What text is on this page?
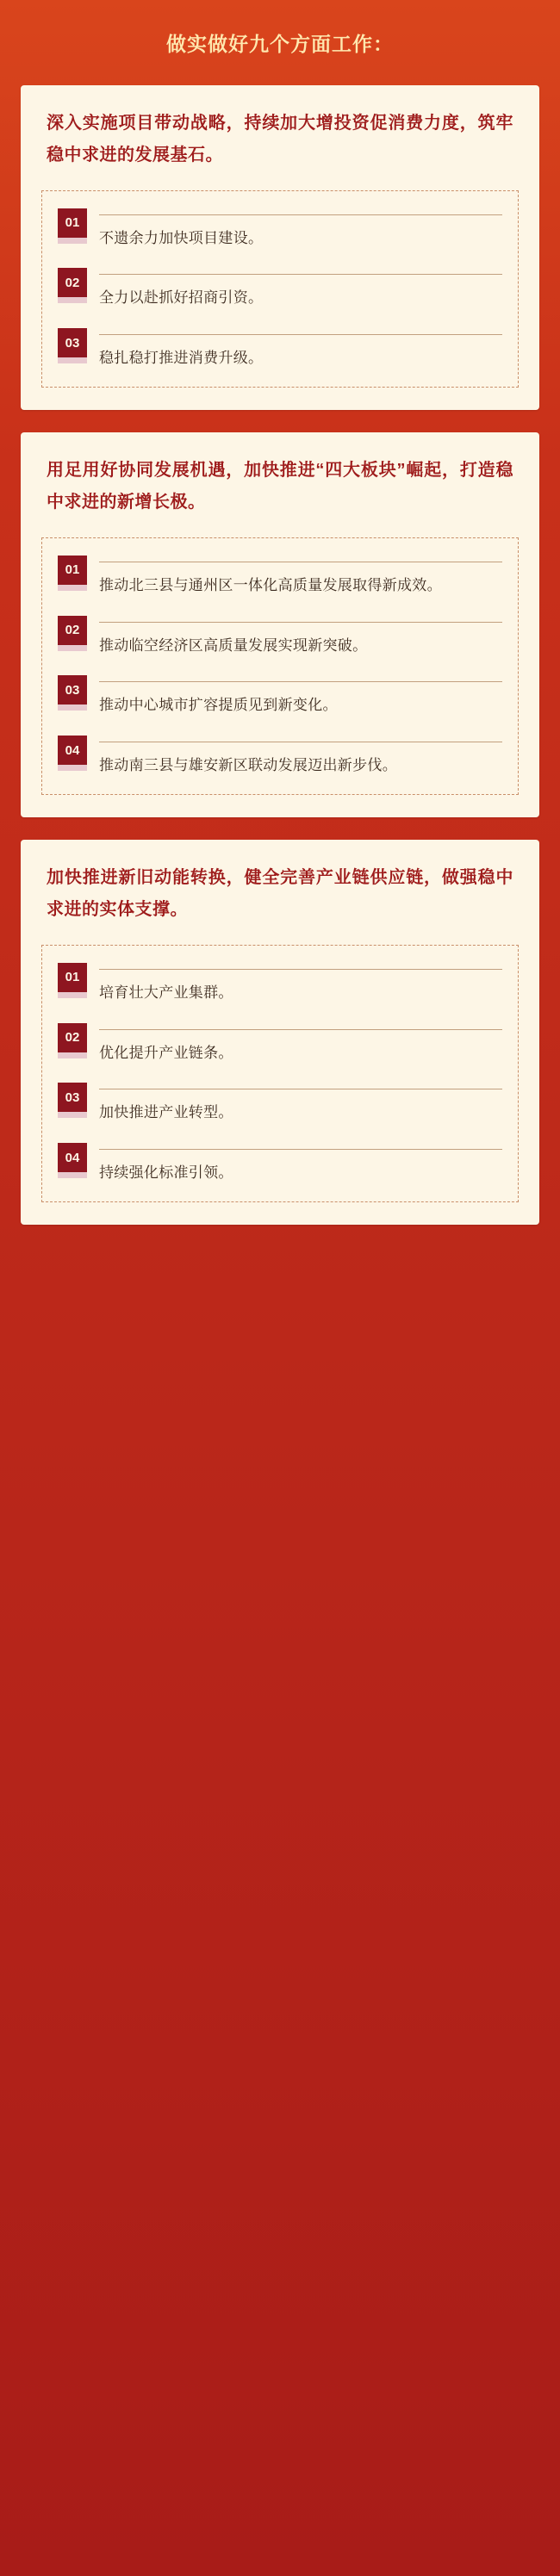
做实做好九个方面工作：
深入实施项目带动战略，持续加大增投资促消费力度，筑牢稳中求进的发展基石。
01
不遗余力加快项目建设。
02
全力以赴抓好招商引资。
03
稳扎稳打推进消费升级。
用足用好协同发展机遇，加快推进“四大板块”崛起，打造稳中求进的新增长极。
01
推动北三县与通州区一体化高质量发展取得新成效。
02
推动临空经济区高质量发展实现新突破。
03
推动中心城市扩容提质见到新变化。
04
推动南三县与雄安新区联动发展迈出新步伐。
加快推进新旧动能转换，健全完善产业链供应链，做强稳中求进的实体支撑。
01
培育壮大产业集群。
02
优化提升产业链条。
03
加快推进产业转型。
04
持续强化标准引领。
